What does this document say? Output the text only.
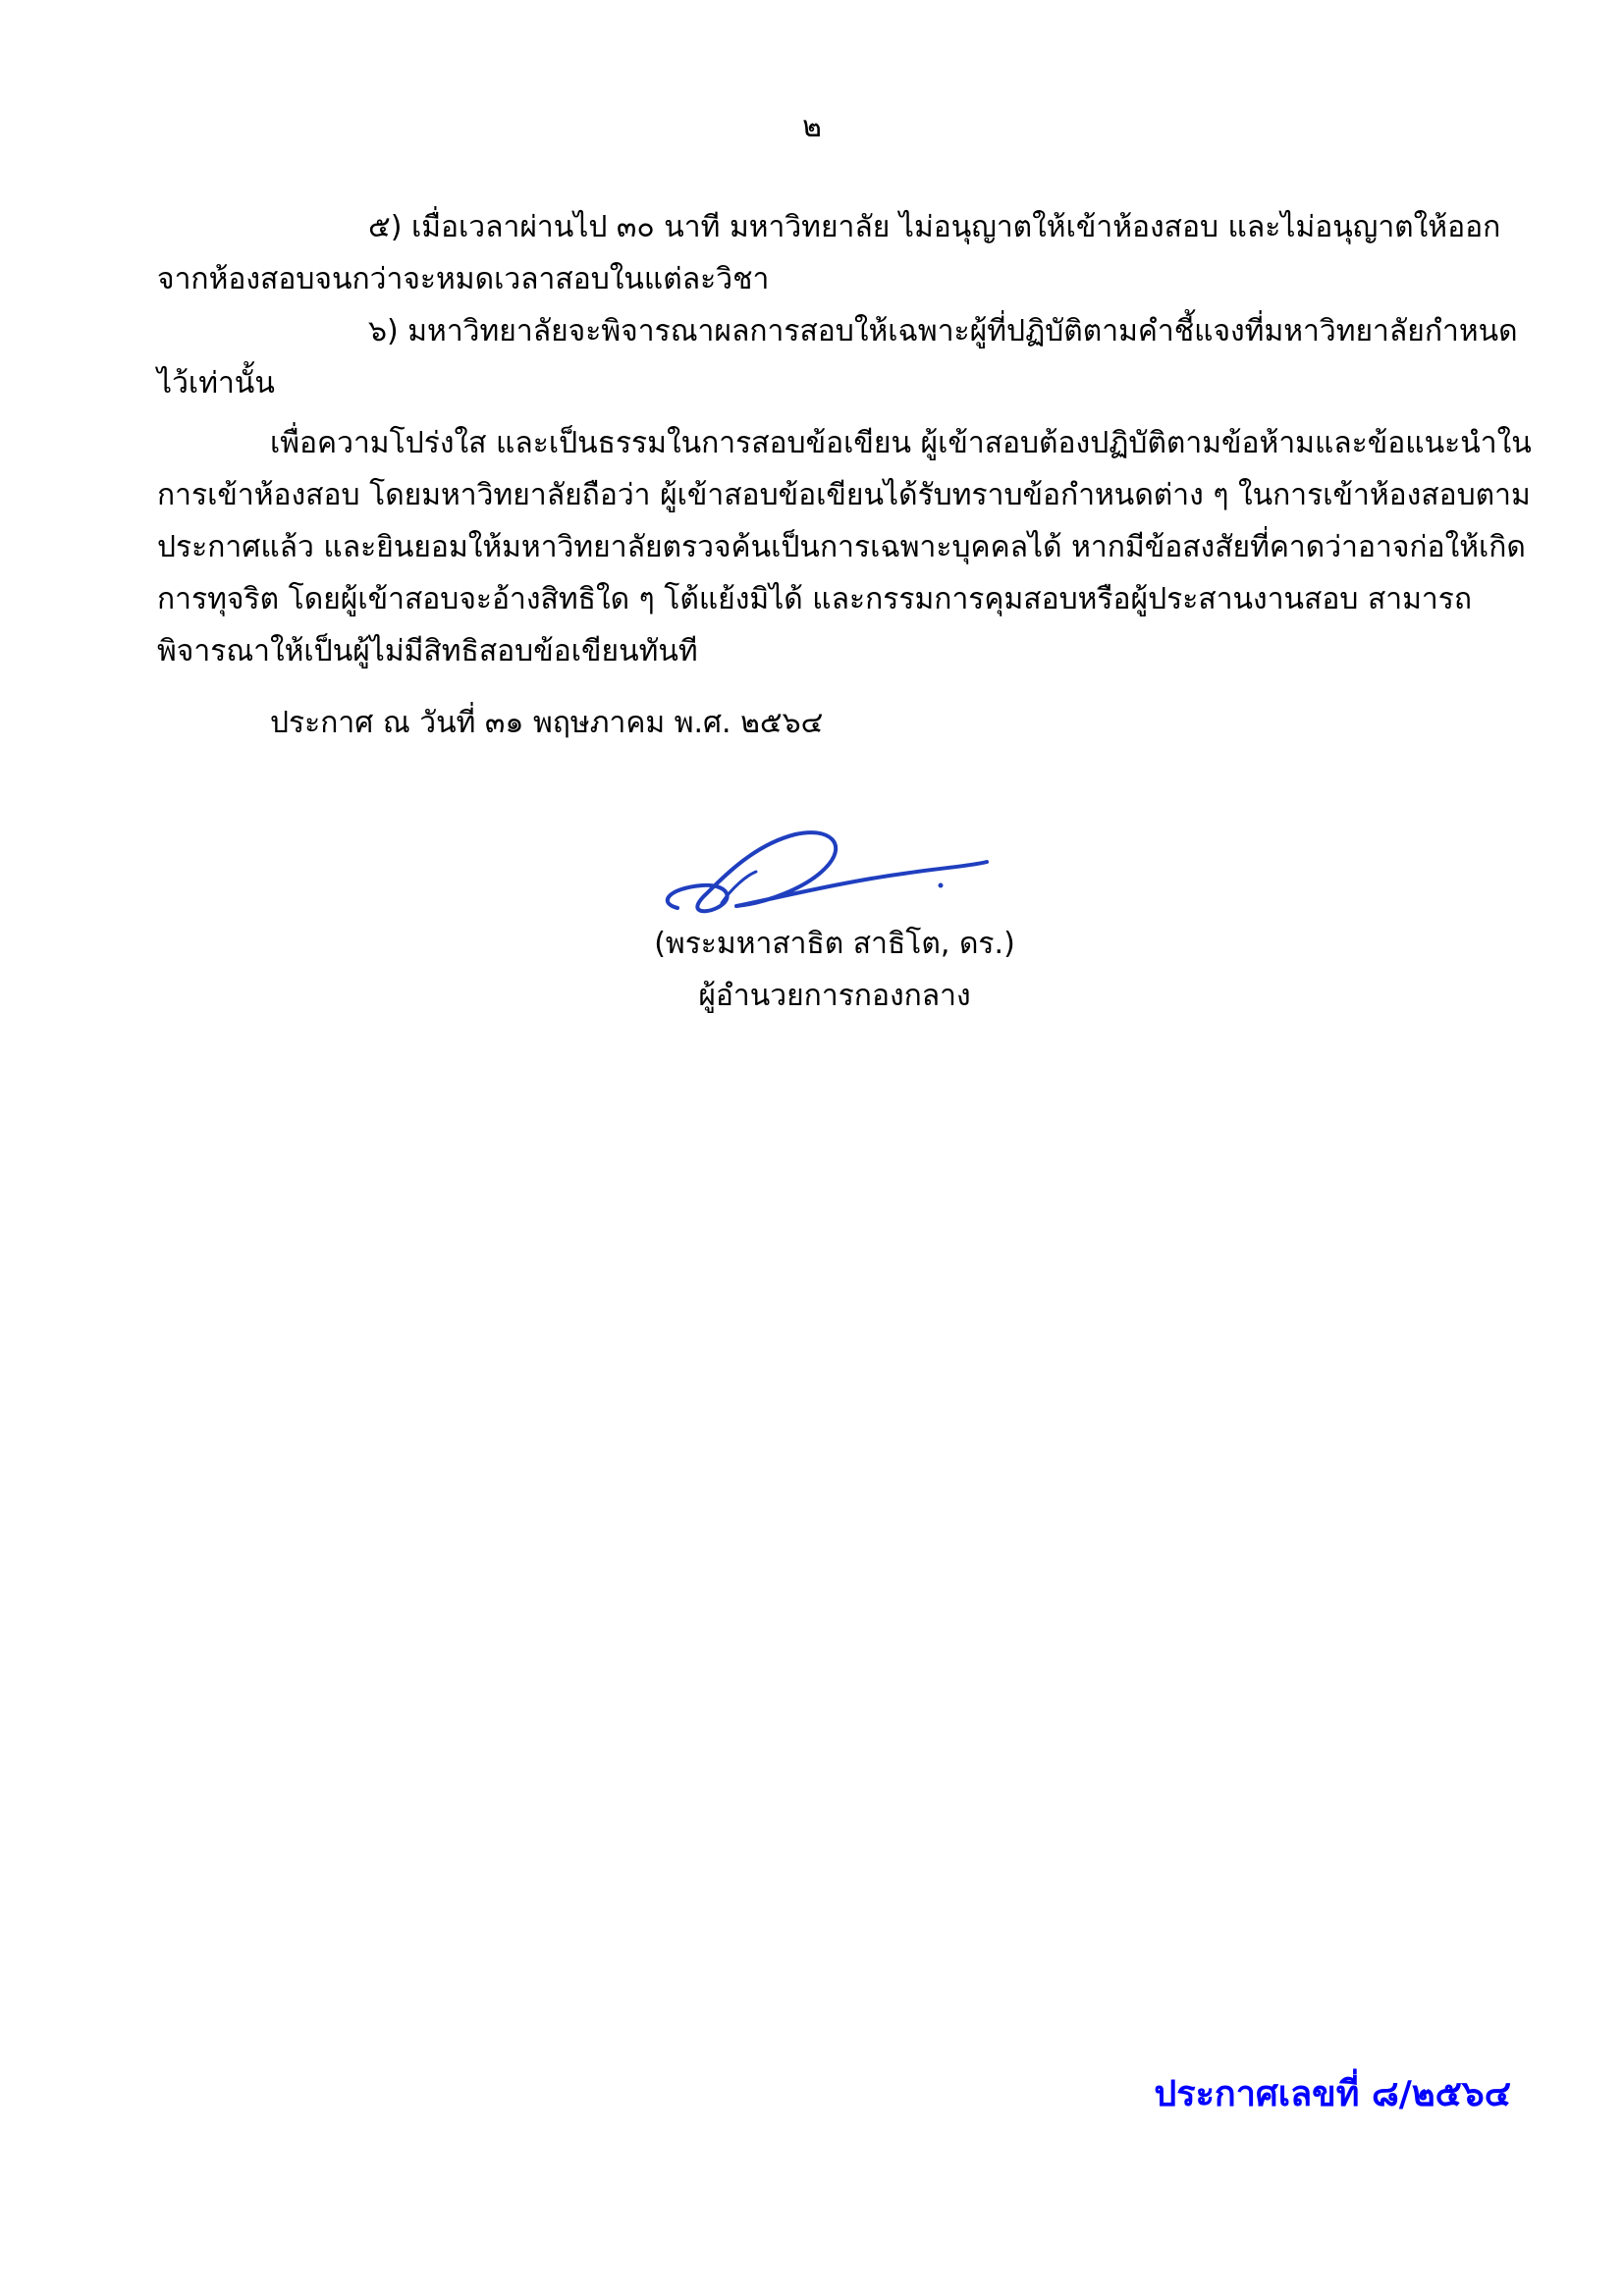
๒
๕) เมื่อเวลาผ่านไป ๓๐ นาที มหาวิทยาลัย ไม่อนุญาตให้เข้าห้องสอบ และไม่อนุญาตให้ออก
จากห้องสอบจนกว่าจะหมดเวลาสอบในแต่ละวิชา
๖) มหาวิทยาลัยจะพิจารณาผลการสอบให้เฉพาะผู้ที่ปฏิบัติตามคำชี้แจงที่มหาวิทยาลัยกำหนด
ไว้เท่านั้น
เพื่อความโปร่งใส และเป็นธรรมในการสอบข้อเขียน ผู้เข้าสอบต้องปฏิบัติตามข้อห้ามและข้อแนะนำใน
การเข้าห้องสอบ โดยมหาวิทยาลัยถือว่า ผู้เข้าสอบข้อเขียนได้รับทราบข้อกำหนดต่าง ๆ ในการเข้าห้องสอบตาม
ประกาศแล้ว และยินยอมให้มหาวิทยาลัยตรวจค้นเป็นการเฉพาะบุคคลได้ หากมีข้อสงสัยที่คาดว่าอาจก่อให้เกิด
การทุจริต โดยผู้เข้าสอบจะอ้างสิทธิใด ๆ โต้แย้งมิได้ และกรรมการคุมสอบหรือผู้ประสานงานสอบ สามารถ
พิจารณาให้เป็นผู้ไม่มีสิทธิสอบข้อเขียนทันที
ประกาศ ณ วันที่ ๓๑ พฤษภาคม พ.ศ. ๒๕๖๔
(พระมหาสาธิต สาธิโต, ดร.)
ผู้อำนวยการกองกลาง
ประกาศเลขที่ ๘/๒๕๖๔
